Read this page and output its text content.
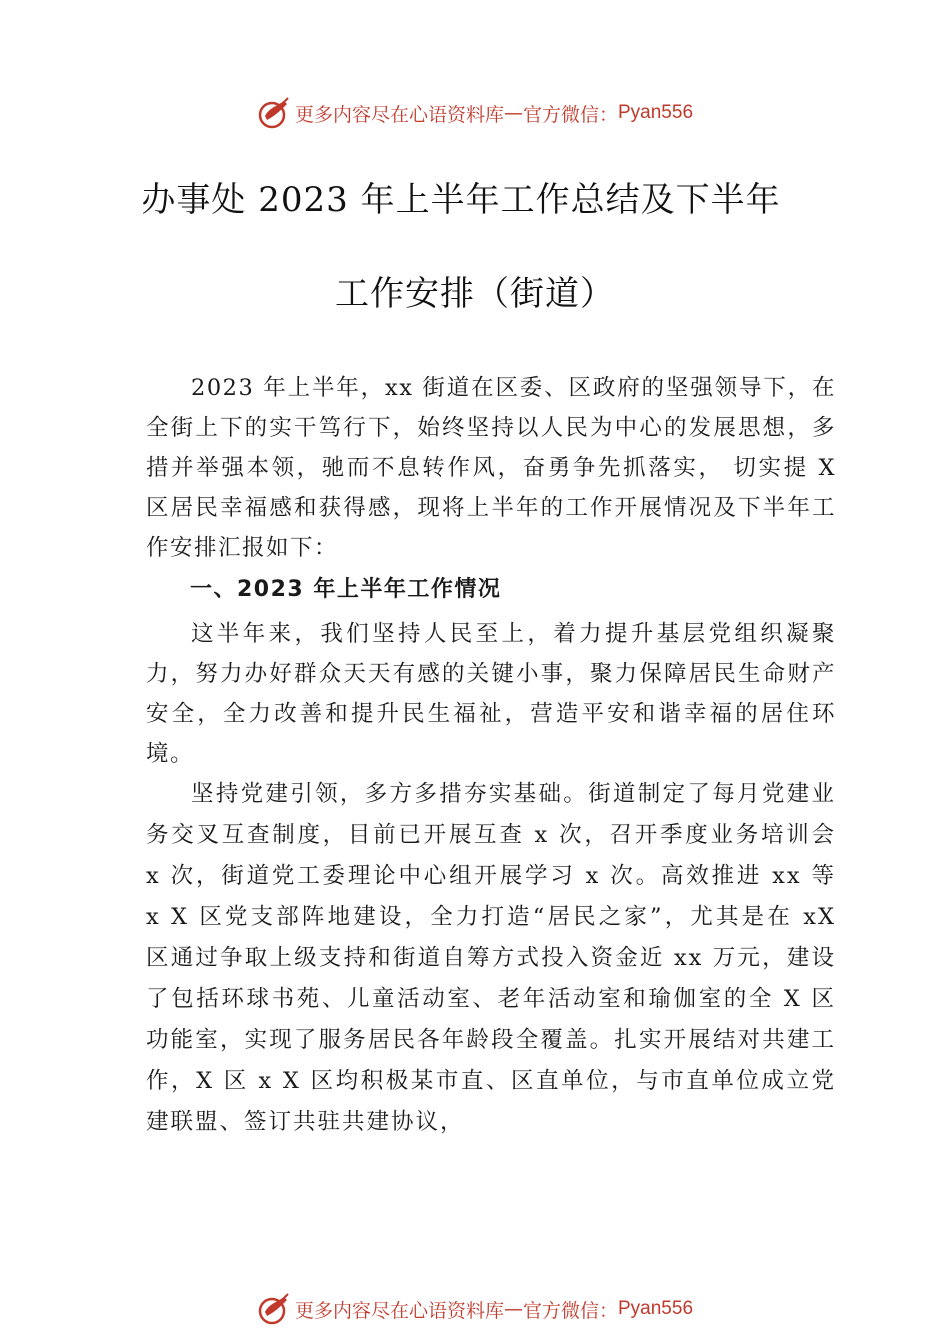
更多内容尽在心语资料库 — 官方微信： Pyan556
办事处 2023 年上半年工作总结及下半年
工作安排（街道）

2023 年上半年，xx 街道在区委、区政府的坚强领导下，在全街上下的实干笃行下，始终坚持以人民为中心的发展思想，多措并举强本领，驰而不息转作风，奋勇争先抓落实， 切实提 X 区居民幸福感和获得感，现将上半年的工作开展情况及下半年工作安排汇报如下：

一、2023 年上半年工作情况

这半年来，我们坚持人民至上，着力提升基层党组织凝聚力，努力办好群众天天有感的关键小事，聚力保障居民生命财产安全，全力改善和提升民生福祉，营造平安和谐幸福的居住环境。

坚持党建引领，多方多措夯实基础。街道制定了每月党建业务交叉互查制度，目前已开展互查 x 次，召开季度业务培训会 x 次，街道党工委理论中心组开展学习 x 次。高效推进 xx 等 x X 区党支部阵地建设，全力打造“居民之家”，尤其是在 xX 区通过争取上级支持和街道自筹方式投入资金近 xx 万元，建设了包括环球书苑、儿童活动室、老年活动室和瑜伽室的全 X 区功能室，实现了服务居民各年龄段全覆盖。扎实开展结对共建工作，X 区 x X 区均积极某市直、区直单位，与市直单位成立党建联盟、签订共驻共建协议，

更多内容尽在心语资料库 — 官方微信： Pyan556
